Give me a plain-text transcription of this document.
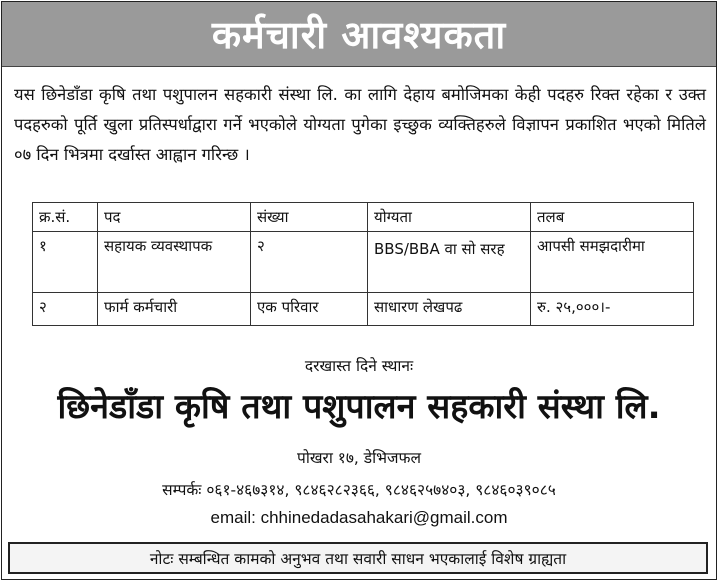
कर्मचारी आवश्यकता

यस छिनेडाँडा कृषि तथा पशुपालन सहकारी संस्था लि. का लागि देहाय बमोजिमका केही पदहरु रिक्त रहेका र उक्त पदहरुको पूर्ति खुला प्रतिस्पर्धाद्वारा गर्ने भएकोले योग्यता पुगेका इच्छुक व्यक्तिहरुले विज्ञापन प्रकाशित भएको मितिले ०७ दिन भित्रमा दर्खास्त आह्वान गरिन्छ ।

क्र.सं.	पद	संख्या	योग्यता	तलब
१	सहायक व्यवस्थापक	२	BBS/BBA वा सो सरह	आपसी समझदारीमा
२	फार्म कर्मचारी	एक परिवार	साधारण लेखपढ	रु. २५,०००।-
दरखास्त दिने स्थानः
छिनेडाँडा कृषि तथा पशुपालन सहकारी संस्था लि.
पोखरा १७, डेभिजफल
सम्पर्कः ०६१-४६७३१४, ९८४६२८२३६६, ९८४६२५७४०३, ९८४६०३९०८५
email: chhinedadasahakari@gmail.com
नोटः सम्बन्धित कामको अनुभव तथा सवारी साधन भएकालाई विशेष ग्राह्यता
